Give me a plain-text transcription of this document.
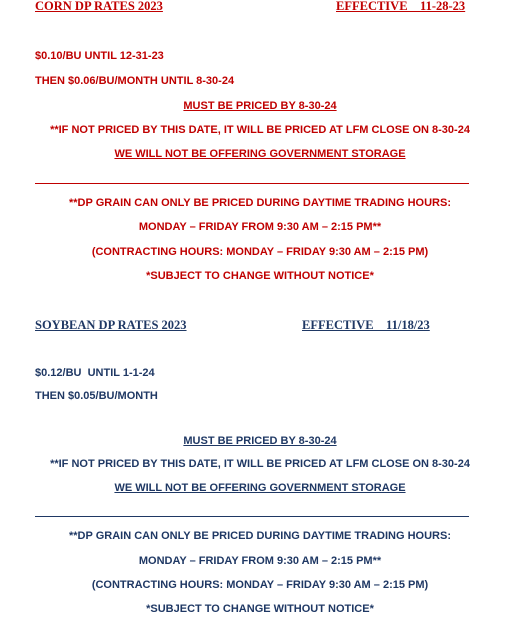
CORN DP RATES 2023	EFFECTIVE    11-28-23
$0.10/BU UNTIL 12-31-23
THEN $0.06/BU/MONTH UNTIL 8-30-24
MUST BE PRICED BY 8-30-24
**IF NOT PRICED BY THIS DATE, IT WILL BE PRICED AT LFM CLOSE ON 8-30-24
WE WILL NOT BE OFFERING GOVERNMENT STORAGE
**DP GRAIN CAN ONLY BE PRICED DURING DAYTIME TRADING HOURS:
MONDAY – FRIDAY FROM 9:30 AM – 2:15 PM**
(CONTRACTING HOURS: MONDAY – FRIDAY 9:30 AM – 2:15 PM)
*SUBJECT TO CHANGE WITHOUT NOTICE*
SOYBEAN DP RATES 2023	EFFECTIVE    11/18/23
$0.12/BU  UNTIL 1-1-24
THEN $0.05/BU/MONTH
MUST BE PRICED BY 8-30-24
**IF NOT PRICED BY THIS DATE, IT WILL BE PRICED AT LFM CLOSE ON 8-30-24
WE WILL NOT BE OFFERING GOVERNMENT STORAGE
**DP GRAIN CAN ONLY BE PRICED DURING DAYTIME TRADING HOURS:
MONDAY – FRIDAY FROM 9:30 AM – 2:15 PM**
(CONTRACTING HOURS: MONDAY – FRIDAY 9:30 AM – 2:15 PM)
*SUBJECT TO CHANGE WITHOUT NOTICE*
